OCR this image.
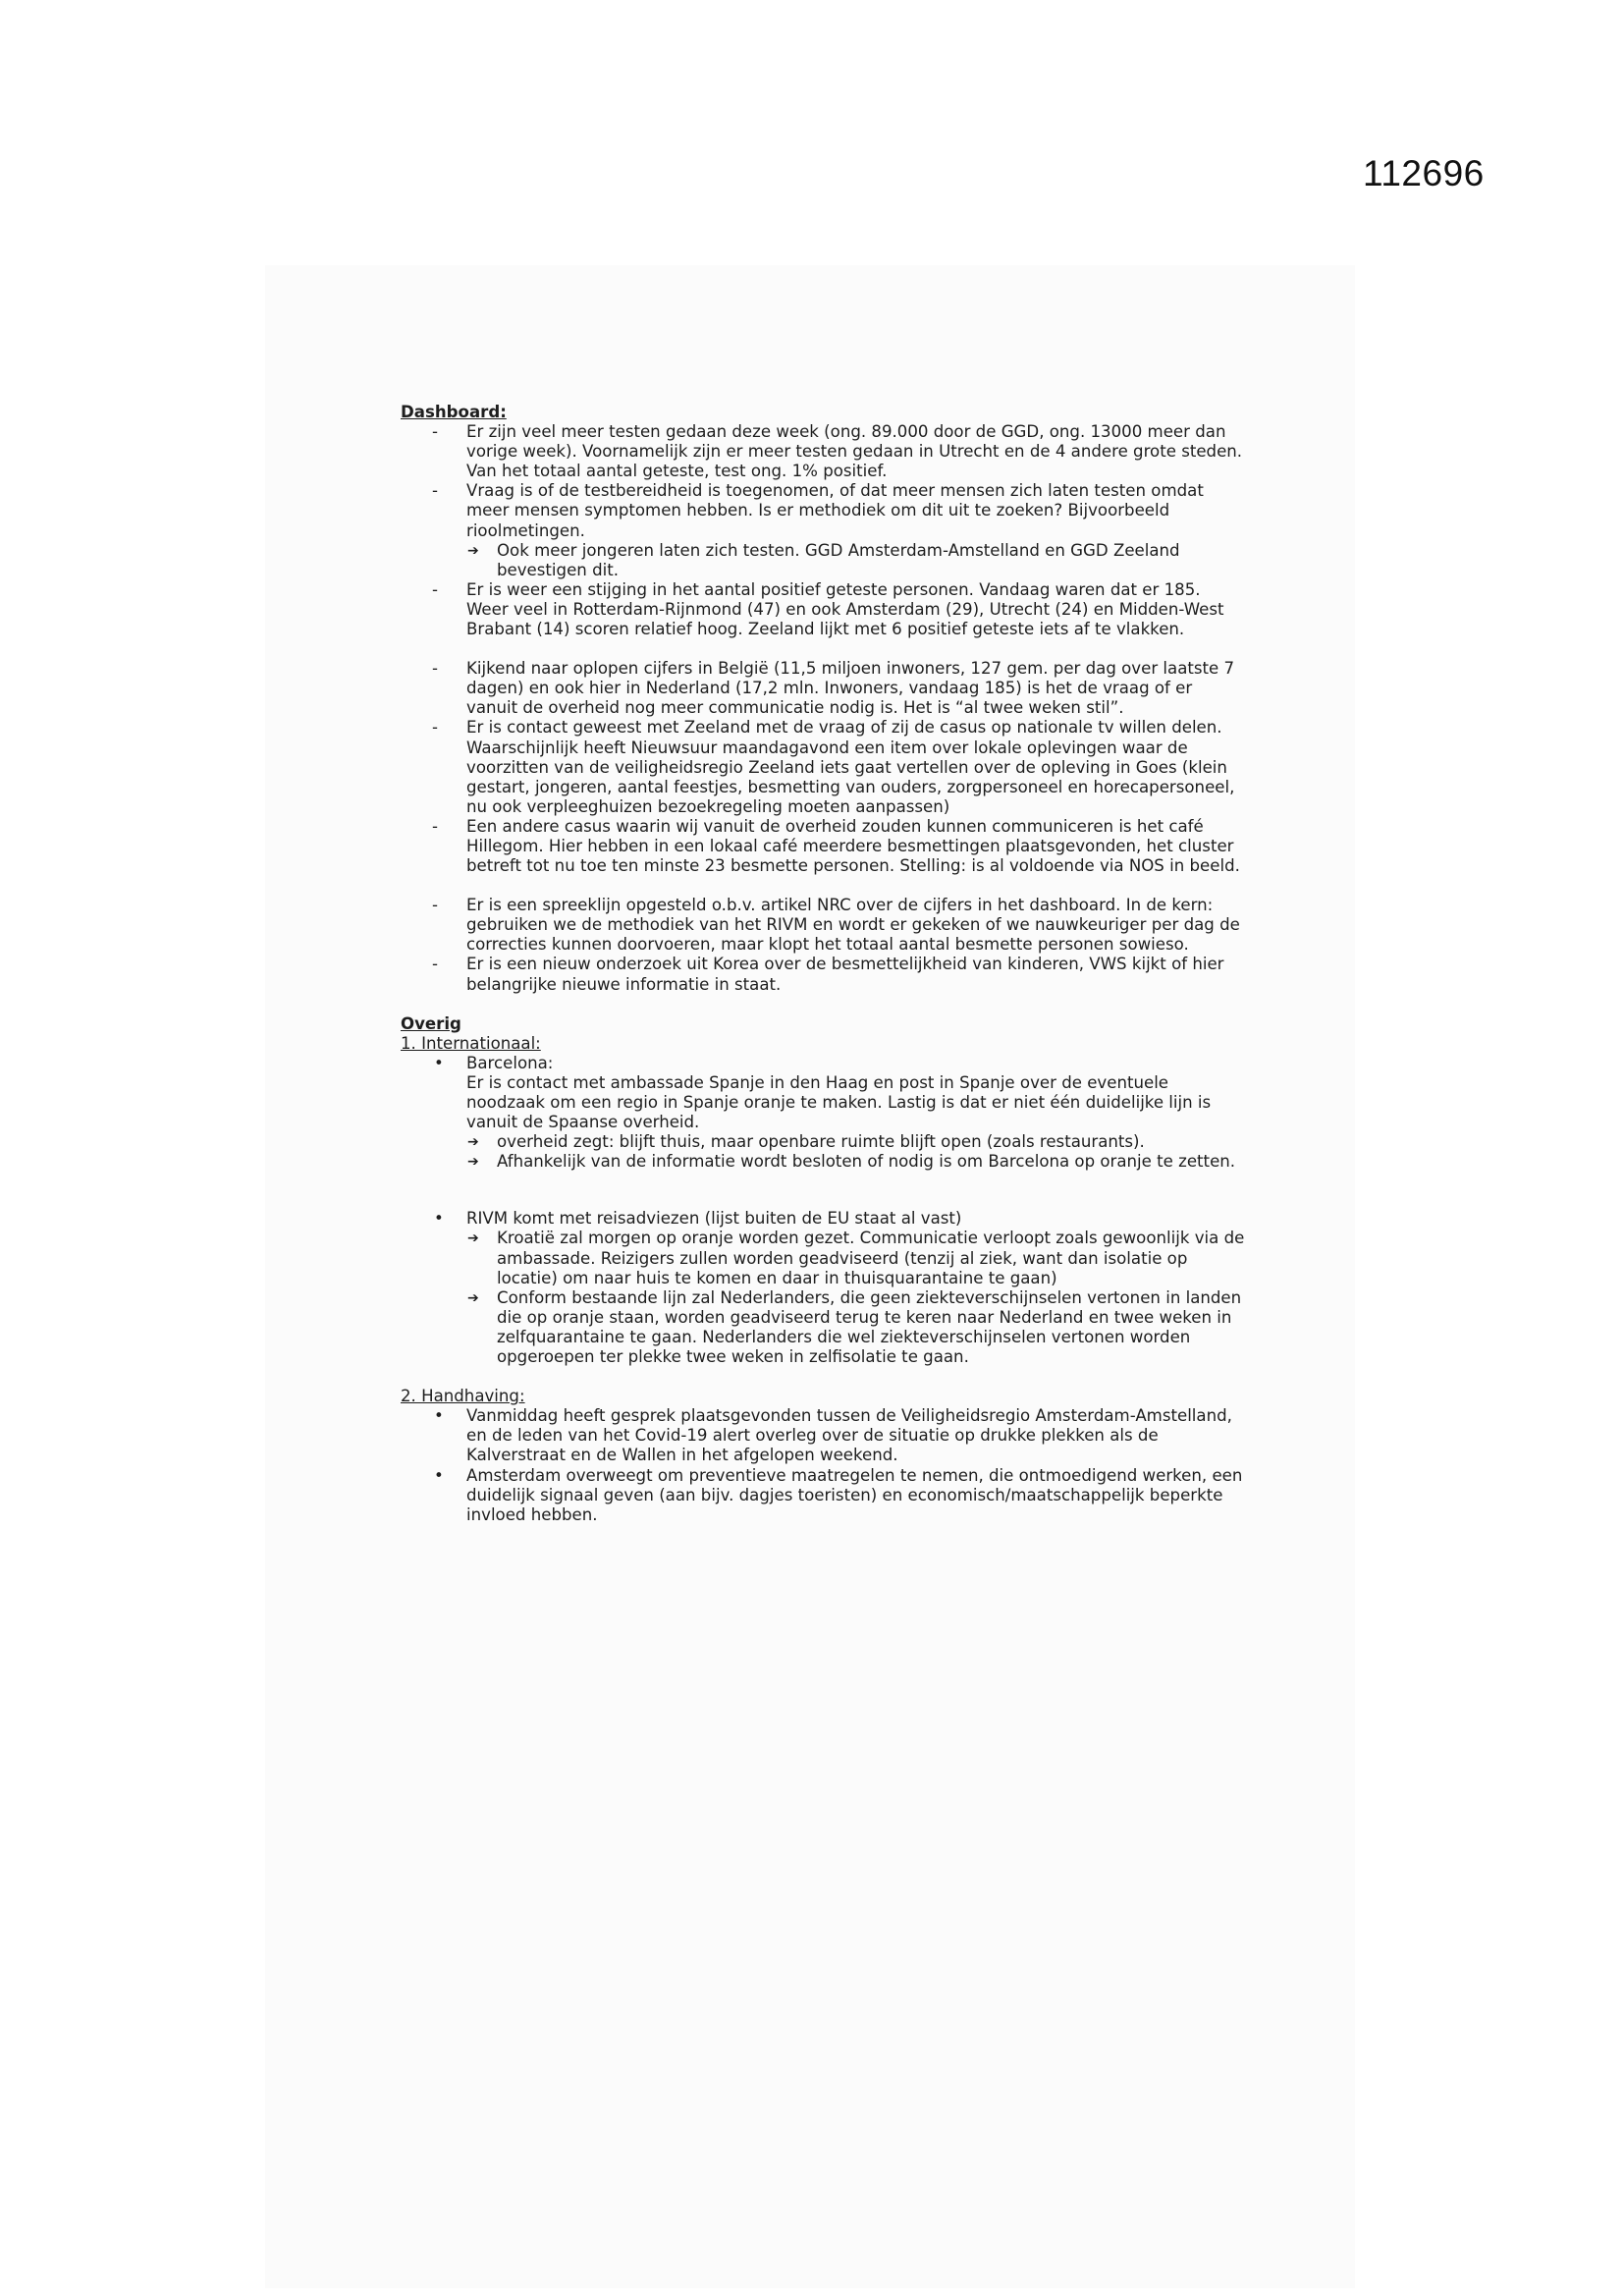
112696
Dashboard:
- Er zijn veel meer testen gedaan deze week (ong. 89.000 door de GGD, ong. 13000 meer dan vorige week). Voornamelijk zijn er meer testen gedaan in Utrecht en de 4 andere grote steden. Van het totaal aantal geteste, test ong. 1% positief.
- Vraag is of de testbereidheid is toegenomen, of dat meer mensen zich laten testen omdat meer mensen symptomen hebben. Is er methodiek om dit uit te zoeken? Bijvoorbeeld rioolmetingen.
➔ Ook meer jongeren laten zich testen. GGD Amsterdam-Amstelland en GGD Zeeland bevestigen dit.
- Er is weer een stijging in het aantal positief geteste personen. Vandaag waren dat er 185. Weer veel in Rotterdam-Rijnmond (47) en ook Amsterdam (29), Utrecht (24) en Midden-West Brabant (14) scoren relatief hoog. Zeeland lijkt met 6 positief geteste iets af te vlakken.
- Kijkend naar oplopen cijfers in België (11,5 miljoen inwoners, 127 gem. per dag over laatste 7 dagen) en ook hier in Nederland (17,2 mln. Inwoners, vandaag 185) is het de vraag of er vanuit de overheid nog meer communicatie nodig is. Het is “al twee weken stil”.
- Er is contact geweest met Zeeland met de vraag of zij de casus op nationale tv willen delen. Waarschijnlijk heeft Nieuwsuur maandagavond een item over lokale oplevingen waar de voorzitten van de veiligheidsregio Zeeland iets gaat vertellen over de opleving in Goes (klein gestart, jongeren, aantal feestjes, besmetting van ouders, zorgpersoneel en horecapersoneel, nu ook verpleeghuizen bezoekregeling moeten aanpassen)
- Een andere casus waarin wij vanuit de overheid zouden kunnen communiceren is het café Hillegom. Hier hebben in een lokaal café meerdere besmettingen plaatsgevonden, het cluster betreft tot nu toe ten minste 23 besmette personen. Stelling: is al voldoende via NOS in beeld.
- Er is een spreeklijn opgesteld o.b.v. artikel NRC over de cijfers in het dashboard. In de kern: gebruiken we de methodiek van het RIVM en wordt er gekeken of we nauwkeuriger per dag de correcties kunnen doorvoeren, maar klopt het totaal aantal besmette personen sowieso.
- Er is een nieuw onderzoek uit Korea over de besmettelijkheid van kinderen, VWS kijkt of hier belangrijke nieuwe informatie in staat.
Overig
1. Internationaal:
• Barcelona:
Er is contact met ambassade Spanje in den Haag en post in Spanje over de eventuele noodzaak om een regio in Spanje oranje te maken. Lastig is dat er niet één duidelijke lijn is vanuit de Spaanse overheid.
➔ overheid zegt: blijft thuis, maar openbare ruimte blijft open (zoals restaurants).
➔ Afhankelijk van de informatie wordt besloten of nodig is om Barcelona op oranje te zetten.
• RIVM komt met reisadviezen (lijst buiten de EU staat al vast)
➔ Kroatië zal morgen op oranje worden gezet. Communicatie verloopt zoals gewoonlijk via de ambassade. Reizigers zullen worden geadviseerd (tenzij al ziek, want dan isolatie op locatie) om naar huis te komen en daar in thuisquarantaine te gaan)
➔ Conform bestaande lijn zal Nederlanders, die geen ziekteverschijnselen vertonen in landen die op oranje staan, worden geadviseerd terug te keren naar Nederland en twee weken in zelfquarantaine te gaan. Nederlanders die wel ziekteverschijnselen vertonen worden opgeroepen ter plekke twee weken in zelfisolatie te gaan.
2. Handhaving:
• Vanmiddag heeft gesprek plaatsgevonden tussen de Veiligheidsregio Amsterdam-Amstelland, en de leden van het Covid-19 alert overleg over de situatie op drukke plekken als de Kalverstraat en de Wallen in het afgelopen weekend.
• Amsterdam overweegt om preventieve maatregelen te nemen, die ontmoedigend werken, een duidelijk signaal geven (aan bijv. dagjes toeristen) en economisch/maatschappelijk beperkte invloed hebben.
